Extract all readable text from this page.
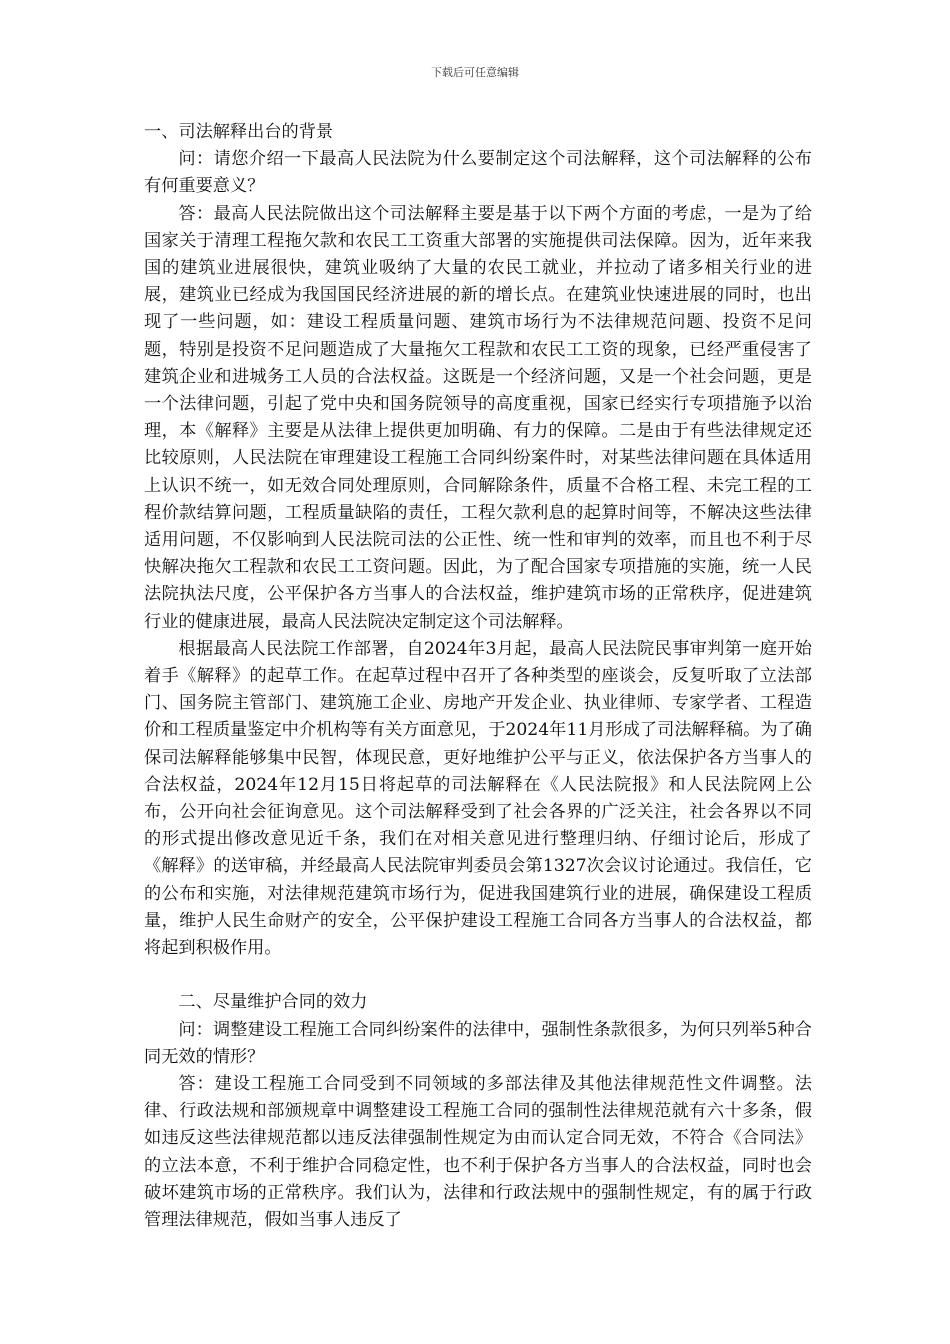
下载后可任意编辑

一、司法解释出台的背景

问：请您介绍一下最高人民法院为什么要制定这个司法解释，这个司法解释的公布有何重要意义？

答：最高人民法院做出这个司法解释主要是基于以下两个方面的考虑，一是为了给国家关于清理工程拖欠款和农民工工资重大部署的实施提供司法保障。因为，近年来我国的建筑业进展很快，建筑业吸纳了大量的农民工就业，并拉动了诸多相关行业的进展，建筑业已经成为我国国民经济进展的新的增长点。在建筑业快速进展的同时，也出现了一些问题，如：建设工程质量问题、建筑市场行为不法律规范问题、投资不足问题，特别是投资不足问题造成了大量拖欠工程款和农民工工资的现象，已经严重侵害了建筑企业和进城务工人员的合法权益。这既是一个经济问题，又是一个社会问题，更是一个法律问题，引起了党中央和国务院领导的高度重视，国家已经实行专项措施予以治理，本《解释》主要是从法律上提供更加明确、有力的保障。二是由于有些法律规定还比较原则，人民法院在审理建设工程施工合同纠纷案件时，对某些法律问题在具体适用上认识不统一，如无效合同处理原则，合同解除条件，质量不合格工程、未完工程的工程价款结算问题，工程质量缺陷的责任，工程欠款利息的起算时间等，不解决这些法律适用问题，不仅影响到人民法院司法的公正性、统一性和审判的效率，而且也不利于尽快解决拖欠工程款和农民工工资问题。因此，为了配合国家专项措施的实施，统一人民法院执法尺度，公平保护各方当事人的合法权益，维护建筑市场的正常秩序，促进建筑行业的健康进展，最高人民法院决定制定这个司法解释。

根据最高人民法院工作部署，自2024年3月起，最高人民法院民事审判第一庭开始着手《解释》的起草工作。在起草过程中召开了各种类型的座谈会，反复听取了立法部门、国务院主管部门、建筑施工企业、房地产开发企业、执业律师、专家学者、工程造价和工程质量鉴定中介机构等有关方面意见，于2024年11月形成了司法解释稿。为了确保司法解释能够集中民智，体现民意，更好地维护公平与正义，依法保护各方当事人的合法权益，2024年12月15日将起草的司法解释在《人民法院报》和人民法院网上公布，公开向社会征询意见。这个司法解释受到了社会各界的广泛关注，社会各界以不同的形式提出修改意见近千条，我们在对相关意见进行整理归纳、仔细讨论后，形成了《解释》的送审稿，并经最高人民法院审判委员会第1327次会议讨论通过。我信任，它的公布和实施，对法律规范建筑市场行为，促进我国建筑行业的进展，确保建设工程质量，维护人民生命财产的安全，公平保护建设工程施工合同各方当事人的合法权益，都将起到积极作用。

二、尽量维护合同的效力

问：调整建设工程施工合同纠纷案件的法律中，强制性条款很多，为何只列举5种合同无效的情形？

答：建设工程施工合同受到不同领域的多部法律及其他法律规范性文件调整。法律、行政法规和部颁规章中调整建设工程施工合同的强制性法律规范就有六十多条，假如违反这些法律规范都以违反法律强制性规定为由而认定合同无效，不符合《合同法》的立法本意，不利于维护合同稳定性，也不利于保护各方当事人的合法权益，同时也会破坏建筑市场的正常秩序。我们认为，法律和行政法规中的强制性规定，有的属于行政管理法律规范，假如当事人违反了
